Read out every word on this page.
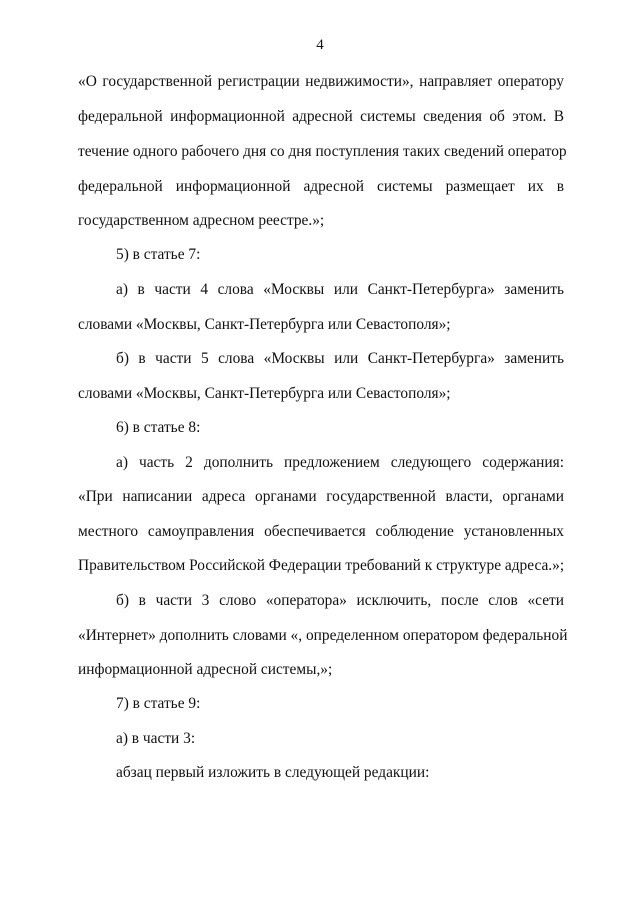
4
«О государственной регистрации недвижимости», направляет оператору
федеральной информационной адресной системы сведения об этом. В
течение одного рабочего дня со дня поступления таких сведений оператор
федеральной информационной адресной системы размещает их в
государственном адресном реестре.»;
5) в статье 7:
а) в части 4 слова «Москвы или Санкт-Петербурга» заменить
словами «Москвы, Санкт-Петербурга или Севастополя»;
б) в части 5 слова «Москвы или Санкт-Петербурга» заменить
словами «Москвы, Санкт-Петербурга или Севастополя»;
6) в статье 8:
а) часть 2 дополнить предложением следующего содержания:
«При написании адреса органами государственной власти, органами
местного самоуправления обеспечивается соблюдение установленных
Правительством Российской Федерации требований к структуре адреса.»;
б) в части 3 слово «оператора» исключить, после слов «сети
«Интернет» дополнить словами «, определенном оператором федеральной
информационной адресной системы,»;
7) в статье 9:
а) в части 3:
абзац первый изложить в следующей редакции:
